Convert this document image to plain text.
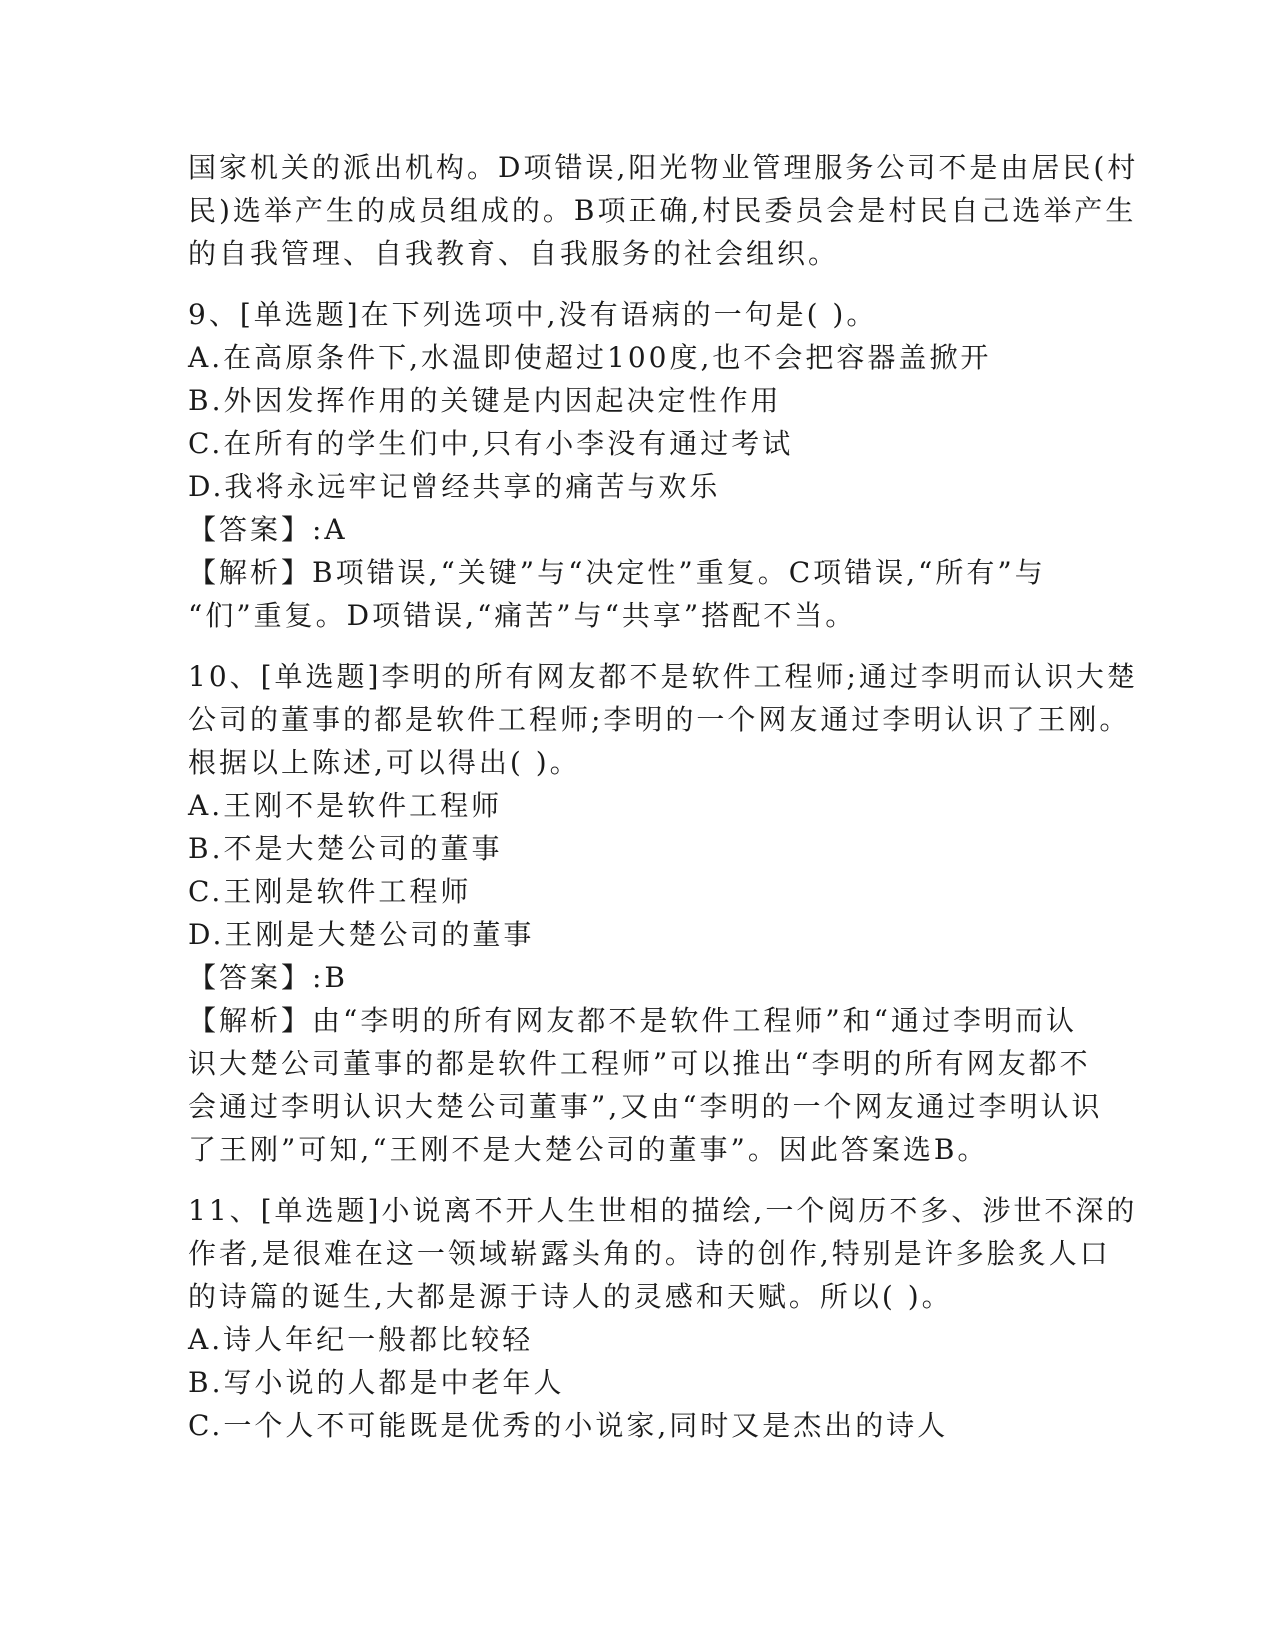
国家机关的派出机构。D项错误,阳光物业管理服务公司不是由居民(村
民)选举产生的成员组成的。B项正确,村民委员会是村民自己选举产生
的自我管理、自我教育、自我服务的社会组织。
9、[单选题]在下列选项中,没有语病的一句是( )。
A.在高原条件下,水温即使超过100度,也不会把容器盖掀开
B.外因发挥作用的关键是内因起决定性作用
C.在所有的学生们中,只有小李没有通过考试
D.我将永远牢记曾经共享的痛苦与欢乐
【答案】:A
【解析】B项错误,“关键”与“决定性”重复。C项错误,“所有”与
“们”重复。D项错误,“痛苦”与“共享”搭配不当。
10、[单选题]李明的所有网友都不是软件工程师;通过李明而认识大楚
公司的董事的都是软件工程师;李明的一个网友通过李明认识了王刚。
根据以上陈述,可以得出( )。
A.王刚不是软件工程师
B.不是大楚公司的董事
C.王刚是软件工程师
D.王刚是大楚公司的董事
【答案】:B
【解析】由“李明的所有网友都不是软件工程师”和“通过李明而认
识大楚公司董事的都是软件工程师”可以推出“李明的所有网友都不
会通过李明认识大楚公司董事”,又由“李明的一个网友通过李明认识
了王刚”可知,“王刚不是大楚公司的董事”。因此答案选B。
11、[单选题]小说离不开人生世相的描绘,一个阅历不多、涉世不深的
作者,是很难在这一领域崭露头角的。诗的创作,特别是许多脍炙人口
的诗篇的诞生,大都是源于诗人的灵感和天赋。所以( )。
A.诗人年纪一般都比较轻
B.写小说的人都是中老年人
C.一个人不可能既是优秀的小说家,同时又是杰出的诗人
